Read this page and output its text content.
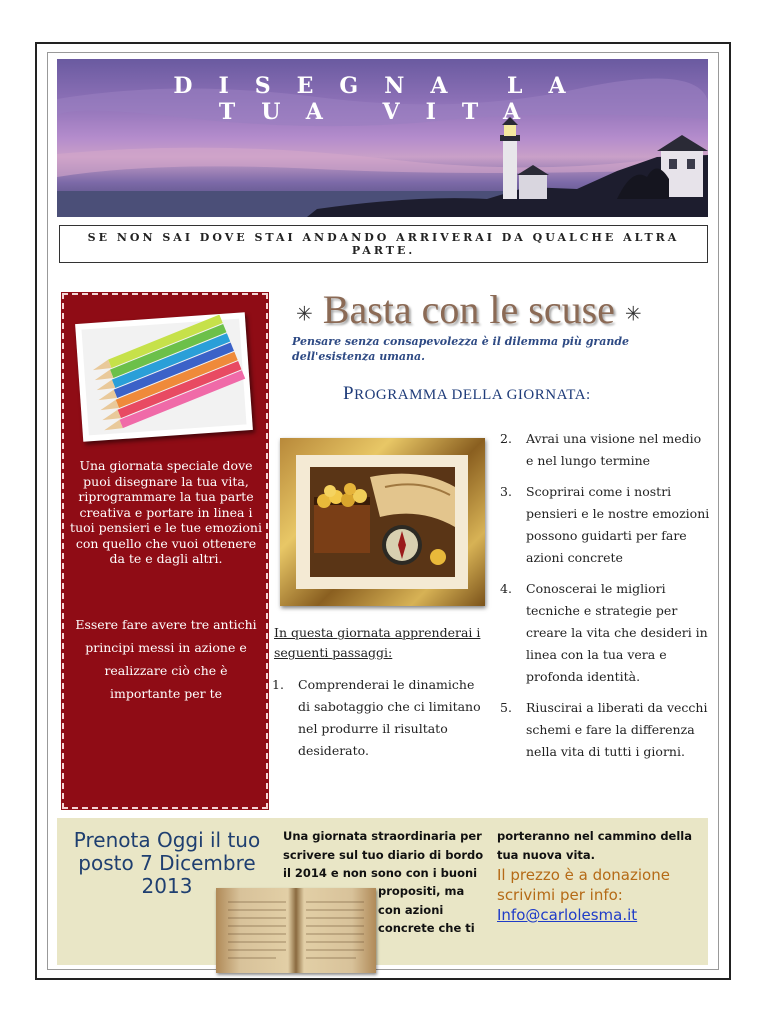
DISEGNA LA
TUA VITA
SE NON SAI DOVE STAI ANDANDO ARRIVERAI DA QUALCHE ALTRA PARTE.
Una giornata speciale dove puoi disegnare la tua vita, riprogrammare la tua parte creativa e portare in linea i tuoi pensieri e le tue emozioni con quello che vuoi ottenere da te e dagli altri.
Essere fare avere tre antichi principi messi in azione e realizzare ciò che è importante per te
✳ Basta con le scuse ✳
Pensare senza consapevolezza è il dilemma più grande dell'esistenza umana.
PROGRAMMA DELLA GIORNATA:
In questa giornata apprenderai i seguenti passaggi:
1.	Comprenderai le dinamiche di sabotaggio che ci limitano nel produrre il risultato desiderato.
2.	Avrai una visione nel medio e nel lungo termine
3.	Scoprirai come i nostri pensieri e le nostre emozioni possono guidarti per fare azioni concrete
4.	Conoscerai le migliori tecniche e strategie per creare la vita che desideri in linea con la tua vera e profonda identità.
5.	Riuscirai a liberati da vecchi schemi e fare la differenza nella vita di tutti i giorni.
Prenota Oggi il tuo posto 7 Dicembre 2013
Una giornata straordinaria per scrivere sul tuo diario di bordo il 2014 e non sono con i buoni
propositi, ma con azioni concrete che ti
porteranno nel cammino della tua nuova vita.
Il prezzo è a donazione scrivimi per info:
Info@carlolesma.it
